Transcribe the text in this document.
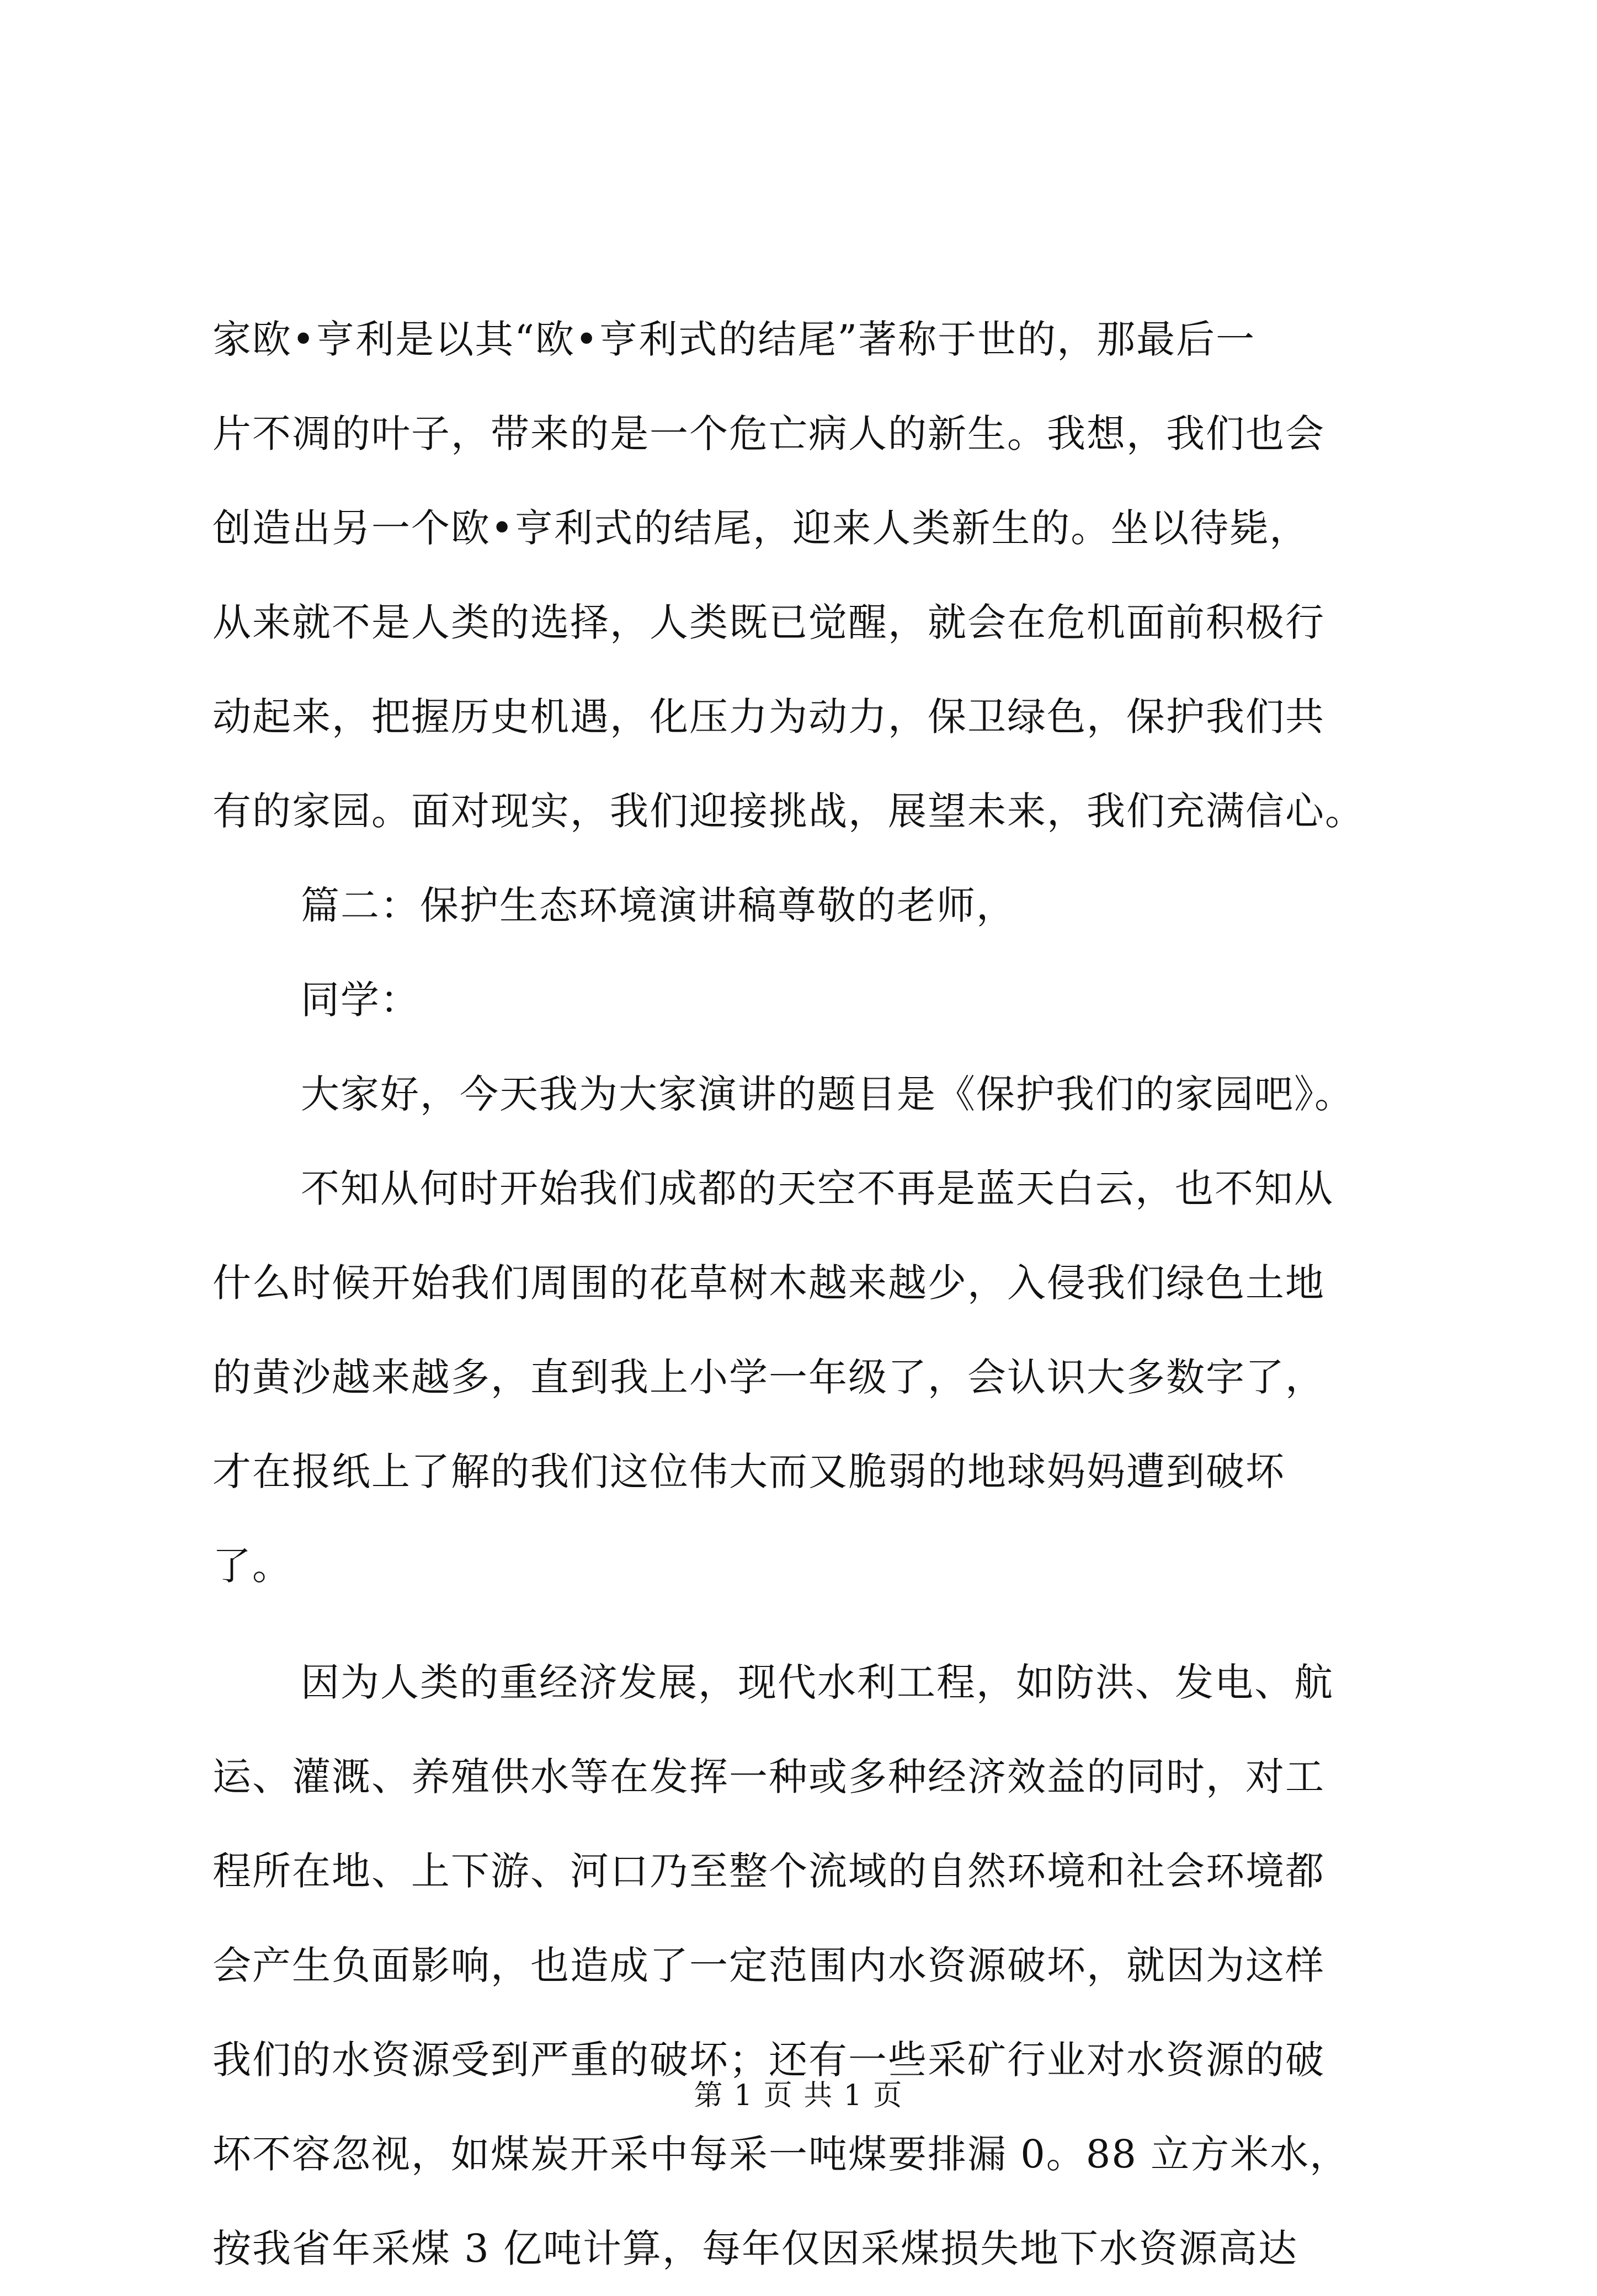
家欧•亨利是以其“欧•亨利式的结尾”著称于世的，那最后一
片不凋的叶子，带来的是一个危亡病人的新生。我想，我们也会
创造出另一个欧•亨利式的结尾，迎来人类新生的。坐以待毙，
从来就不是人类的选择，人类既已觉醒，就会在危机面前积极行
动起来，把握历史机遇，化压力为动力，保卫绿色，保护我们共
有的家园。面对现实，我们迎接挑战，展望未来，我们充满信心。
篇二：保护生态环境演讲稿尊敬的老师，
同学：
大家好，今天我为大家演讲的题目是《保护我们的家园吧》。
不知从何时开始我们成都的天空不再是蓝天白云，也不知从
什么时候开始我们周围的花草树木越来越少，入侵我们绿色土地
的黄沙越来越多，直到我上小学一年级了，会认识大多数字了，
才在报纸上了解的我们这位伟大而又脆弱的地球妈妈遭到破坏
了。
因为人类的重经济发展，现代水利工程，如防洪、发电、航
运、灌溉、养殖供水等在发挥一种或多种经济效益的同时，对工
程所在地、上下游、河口乃至整个流域的自然环境和社会环境都
会产生负面影响，也造成了一定范围内水资源破坏，就因为这样
我们的水资源受到严重的破坏；还有一些采矿行业对水资源的破
坏不容忽视，如煤炭开采中每采一吨煤要排漏 0。88 立方米水，
按我省年采煤 3 亿吨计算，每年仅因采煤损失地下水资源高达
第 1 页 共 1 页
